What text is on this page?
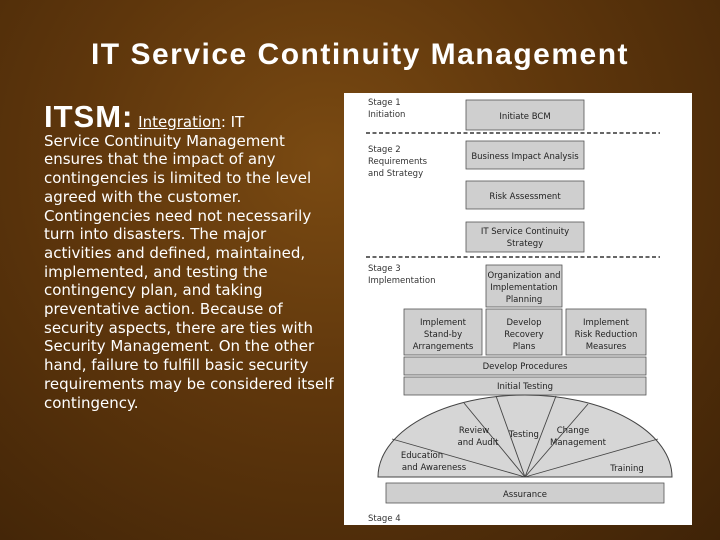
IT Service Continuity Management
ITSM: Integration: IT
Service Continuity Management ensures that the impact of any contingencies is limited to the level agreed with the customer. Contingencies need not necessarily turn into disasters. The major activities and defined, maintained, implemented, and testing the contingency plan, and taking preventative action. Because of security aspects, there are ties with Security Management. On the other hand, failure to fulfill basic security requirements may be considered itself contingency.
Stage 1
Initiation	Initiate BCM
Stage 2
Requirements
and Strategy
Business Impact Analysis
Risk Assessment
IT Service Continuity
Strategy
Stage 3
Implementation	Organization and
Implementation
Planning
Implement
Stand-by
Arrangements
Develop
Recovery
Plans
Implement
Risk Reduction
Measures
Develop Procedures
Initial Testing
Review
and Audit
Testing Change
Management
Education
and Awareness	Training
Assurance
Stage 4
